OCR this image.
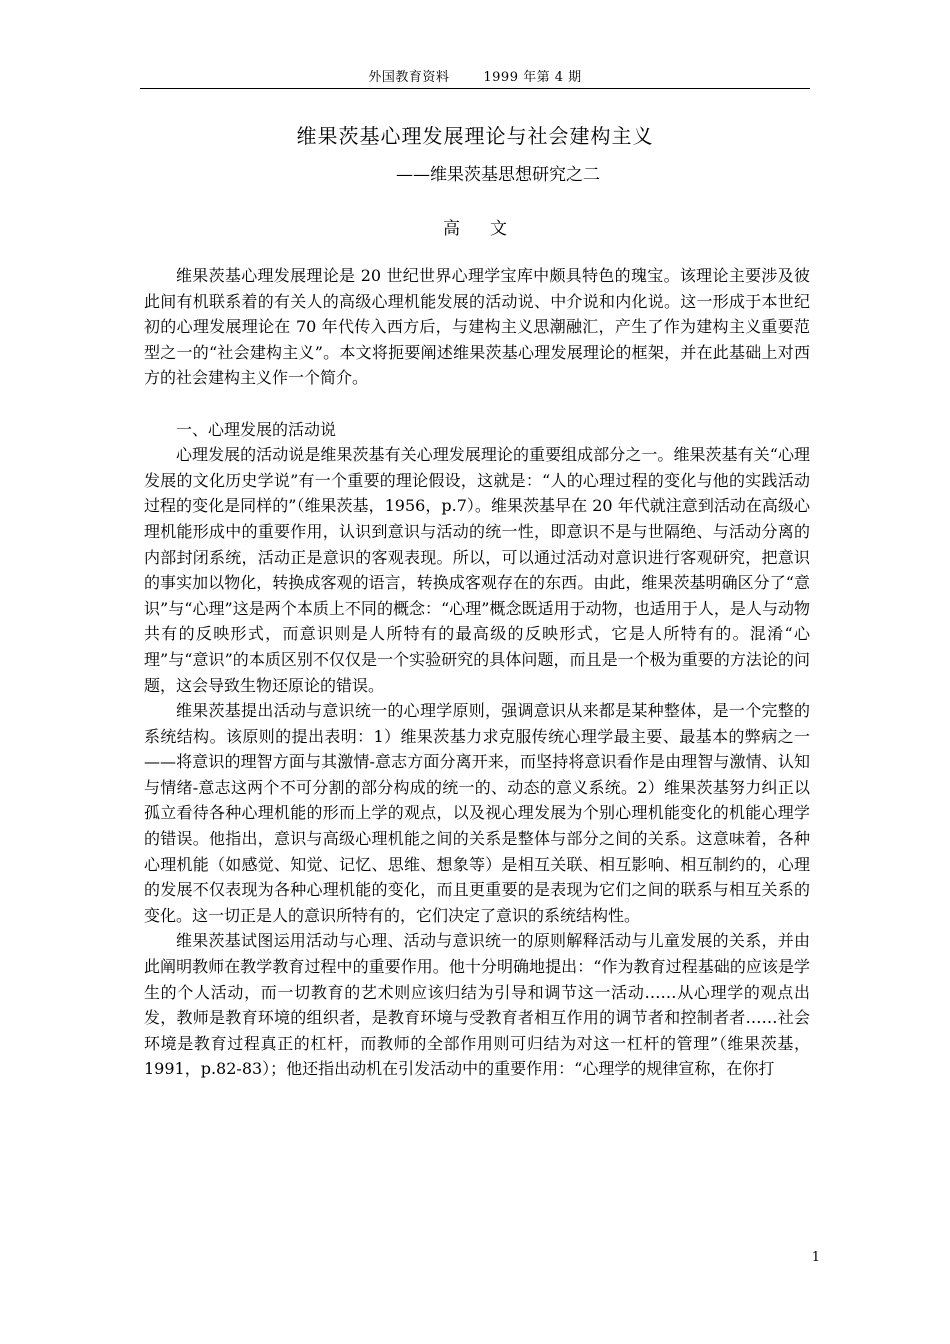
外国教育资料	1999 年第 4 期
维果茨基心理发展理论与社会建构主义
——维果茨基思想研究之二
高文

维果茨基心理发展理论是 20 世纪世界心理学宝库中颇具特色的瑰宝。该理论主要涉及彼此间有机联系着的有关人的高级心理机能发展的活动说、中介说和内化说。这一形成于本世纪初的心理发展理论在 70 年代传入西方后，与建构主义思潮融汇，产生了作为建构主义重要范型之一的“社会建构主义”。本文将扼要阐述维果茨基心理发展理论的框架，并在此基础上对西方的社会建构主义作一个简介。

一、心理发展的活动说

心理发展的活动说是维果茨基有关心理发展理论的重要组成部分之一。维果茨基有关“心理发展的文化历史学说”有一个重要的理论假设，这就是：“人的心理过程的变化与他的实践活动过程的变化是同样的”（维果茨基，1956，p.7）。维果茨基早在 20 年代就注意到活动在高级心理机能形成中的重要作用，认识到意识与活动的统一性，即意识不是与世隔绝、与活动分离的内部封闭系统，活动正是意识的客观表现。所以，可以通过活动对意识进行客观研究，把意识的事实加以物化，转换成客观的语言，转换成客观存在的东西。由此，维果茨基明确区分了“意识”与“心理”这是两个本质上不同的概念：“心理”概念既适用于动物，也适用于人，是人与动物共有的反映形式，而意识则是人所特有的最高级的反映形式，它是人所特有的。混淆“心理”与“意识”的本质区别不仅仅是一个实验研究的具体问题，而且是一个极为重要的方法论的问题，这会导致生物还原论的错误。

维果茨基提出活动与意识统一的心理学原则，强调意识从来都是某种整体，是一个完整的系统结构。该原则的提出表明：1）维果茨基力求克服传统心理学最主要、最基本的弊病之一——将意识的理智方面与其激情-意志方面分离开来，而坚持将意识看作是由理智与激情、认知与情绪-意志这两个不可分割的部分构成的统一的、动态的意义系统。2）维果茨基努力纠正以孤立看待各种心理机能的形而上学的观点，以及视心理发展为个别心理机能变化的机能心理学的错误。他指出，意识与高级心理机能之间的关系是整体与部分之间的关系。这意味着，各种心理机能（如感觉、知觉、记忆、思维、想象等）是相互关联、相互影响、相互制约的，心理的发展不仅表现为各种心理机能的变化，而且更重要的是表现为它们之间的联系与相互关系的变化。这一切正是人的意识所特有的，它们决定了意识的系统结构性。

维果茨基试图运用活动与心理、活动与意识统一的原则解释活动与儿童发展的关系，并由此阐明教师在教学教育过程中的重要作用。他十分明确地提出：“作为教育过程基础的应该是学生的个人活动，而一切教育的艺术则应该归结为引导和调节这一活动……从心理学的观点出发，教师是教育环境的组织者，是教育环境与受教育者相互作用的调节者和控制者者……社会环境是教育过程真正的杠杆，而教师的全部作用则可归结为对这一杠杆的管理”（维果茨基，1991，p.82-83）；他还指出动机在引发活动中的重要作用：“心理学的规律宣称，在你打

1
